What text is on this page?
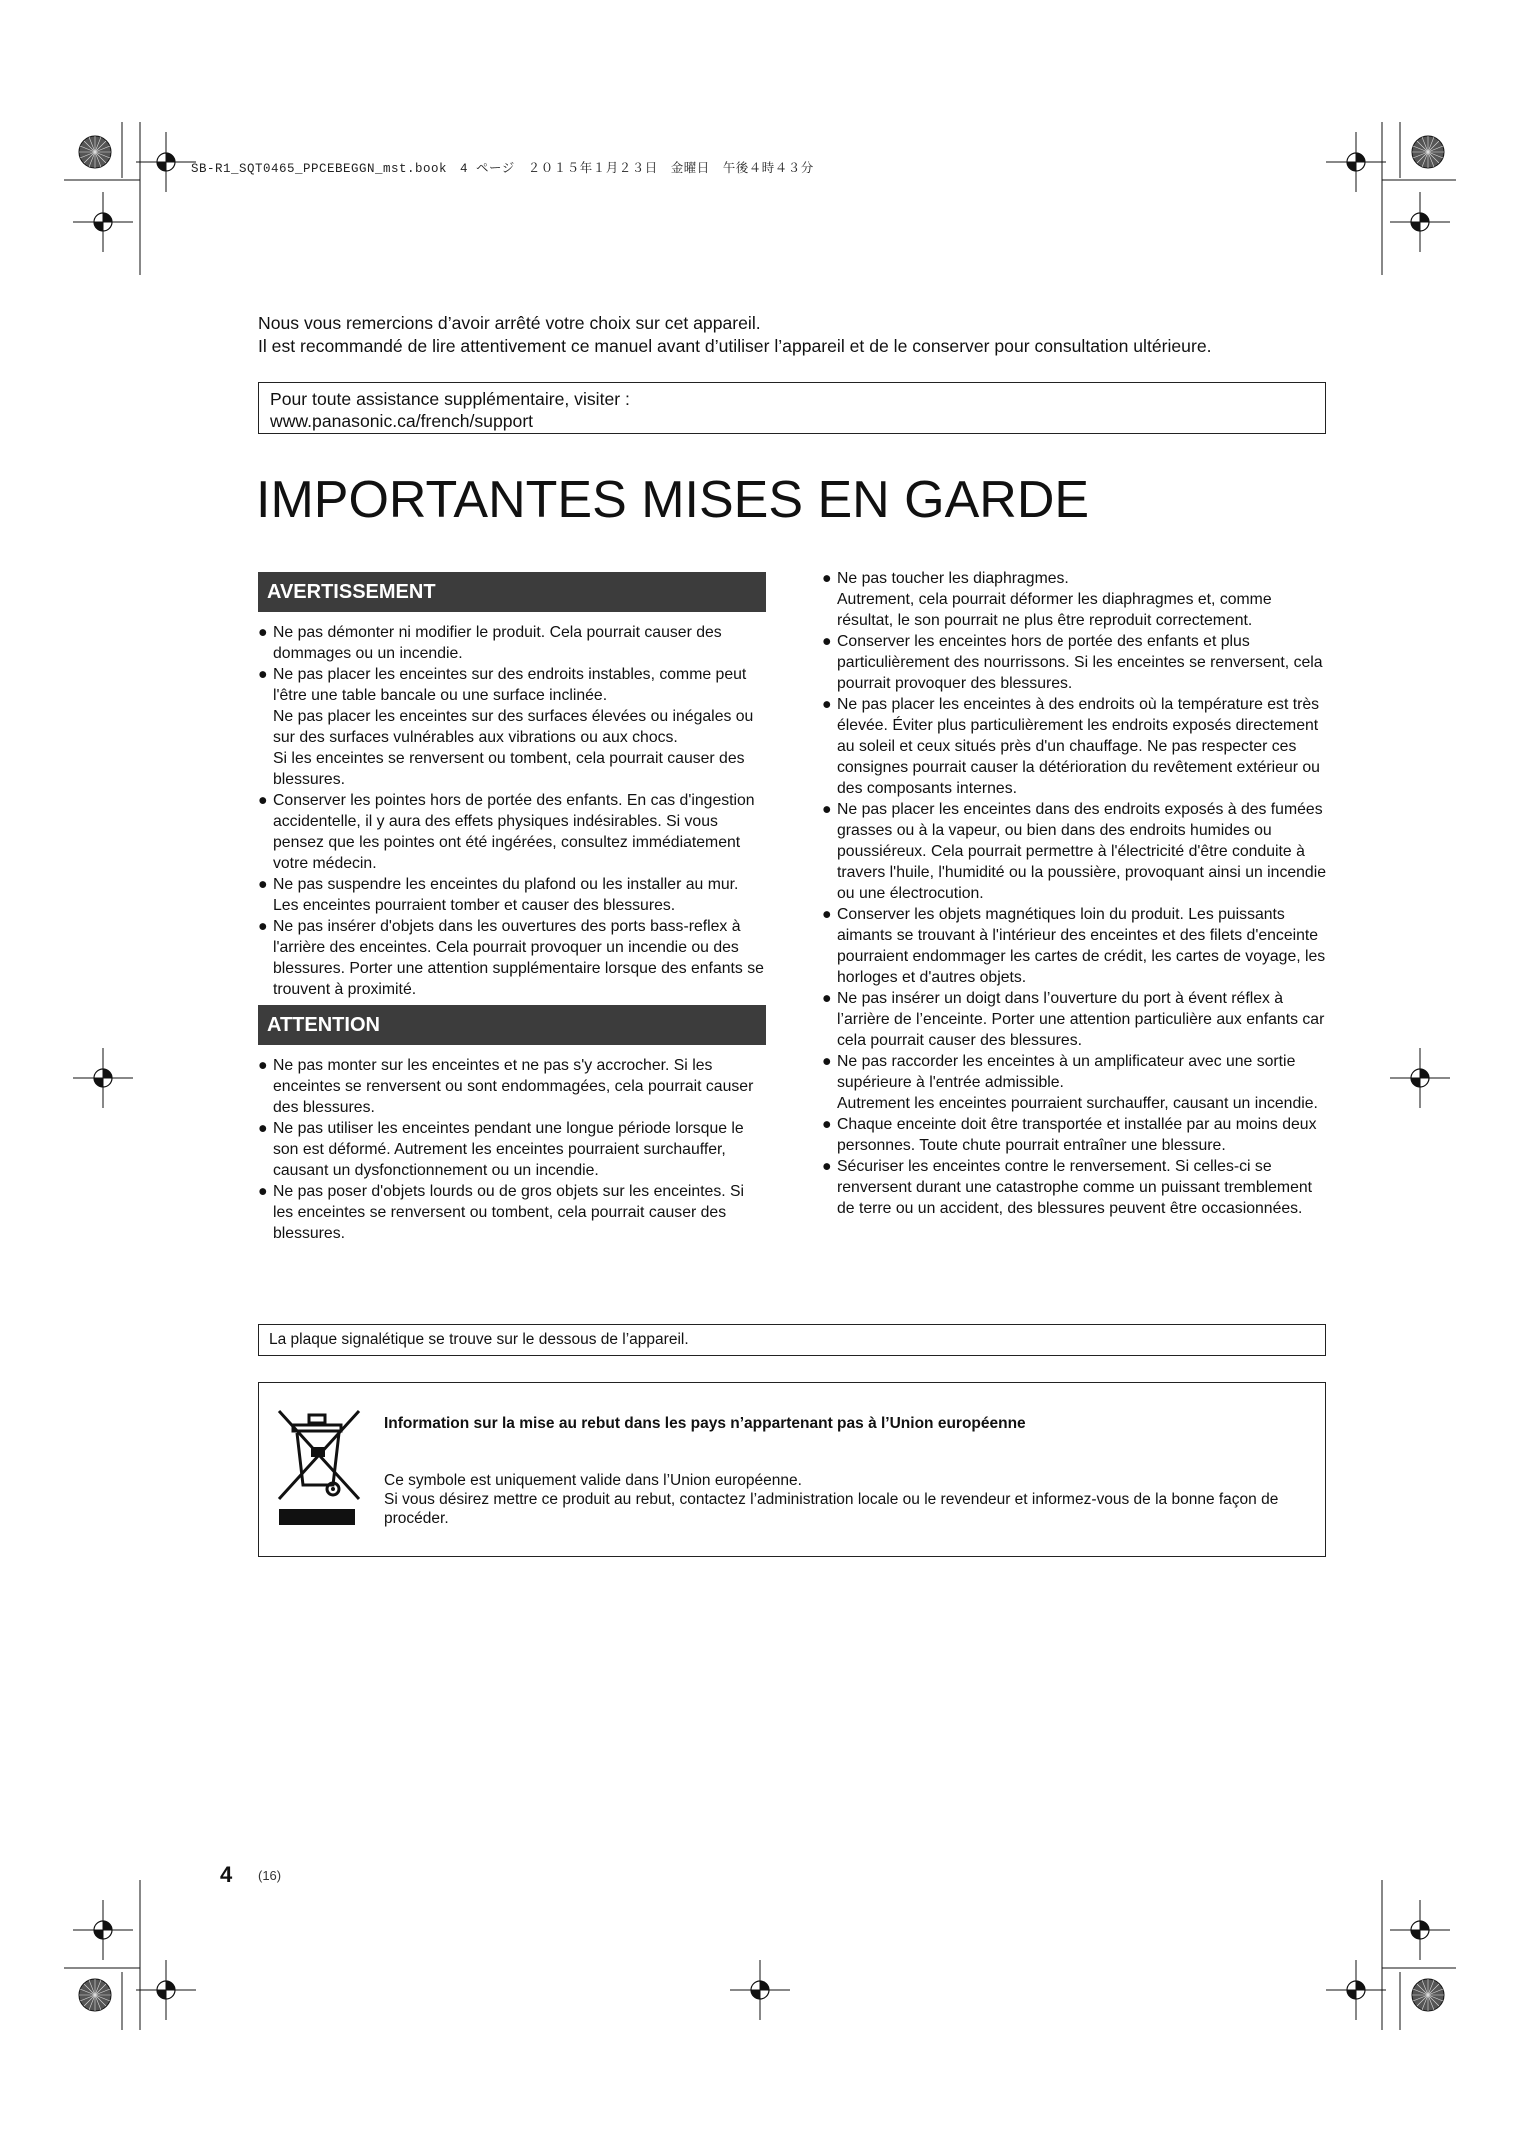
SB-R1_SQT0465_PPCEBEGGN_mst.book　4 ページ　２０１５年１月２３日　金曜日　午後４時４３分
Nous vous remercions d’avoir arrêté votre choix sur cet appareil.
Il est recommandé de lire attentivement ce manuel avant d’utiliser l’appareil et de le conserver pour consultation ultérieure.
Pour toute assistance supplémentaire, visiter :
www.panasonic.ca/french/support
IMPORTANTES MISES EN GARDE
AVERTISSEMENT
● Ne pas démonter ni modifier le produit. Cela pourrait causer des dommages ou un incendie.
● Ne pas placer les enceintes sur des endroits instables, comme peut l'être une table bancale ou une surface inclinée.
Ne pas placer les enceintes sur des surfaces élevées ou inégales ou sur des surfaces vulnérables aux vibrations ou aux chocs.
Si les enceintes se renversent ou tombent, cela pourrait causer des blessures.
● Conserver les pointes hors de portée des enfants. En cas d'ingestion accidentelle, il y aura des effets physiques indésirables. Si vous pensez que les pointes ont été ingérées, consultez immédiatement votre médecin.
● Ne pas suspendre les enceintes du plafond ou les installer au mur. Les enceintes pourraient tomber et causer des blessures.
● Ne pas insérer d'objets dans les ouvertures des ports bass-reflex à l'arrière des enceintes. Cela pourrait provoquer un incendie ou des blessures. Porter une attention supplémentaire lorsque des enfants se trouvent à proximité.
ATTENTION
● Ne pas monter sur les enceintes et ne pas s'y accrocher. Si les enceintes se renversent ou sont endommagées, cela pourrait causer des blessures.
● Ne pas utiliser les enceintes pendant une longue période lorsque le son est déformé. Autrement les enceintes pourraient surchauffer, causant un dysfonctionnement ou un incendie.
● Ne pas poser d'objets lourds ou de gros objets sur les enceintes. Si les enceintes se renversent ou tombent, cela pourrait causer des blessures.
● Ne pas toucher les diaphragmes.
Autrement, cela pourrait déformer les diaphragmes et, comme résultat, le son pourrait ne plus être reproduit correctement.
● Conserver les enceintes hors de portée des enfants et plus particulièrement des nourrissons. Si les enceintes se renversent, cela pourrait provoquer des blessures.
● Ne pas placer les enceintes à des endroits où la température est très élevée. Éviter plus particulièrement les endroits exposés directement au soleil et ceux situés près d'un chauffage. Ne pas respecter ces consignes pourrait causer la détérioration du revêtement extérieur ou des composants internes.
● Ne pas placer les enceintes dans des endroits exposés à des fumées grasses ou à la vapeur, ou bien dans des endroits humides ou poussiéreux. Cela pourrait permettre à l'électricité d'être conduite à travers l'huile, l'humidité ou la poussière, provoquant ainsi un incendie ou une électrocution.
● Conserver les objets magnétiques loin du produit. Les puissants aimants se trouvant à l'intérieur des enceintes et des filets d'enceinte pourraient endommager les cartes de crédit, les cartes de voyage, les horloges et d'autres objets.
● Ne pas insérer un doigt dans l’ouverture du port à évent réflex à l’arrière de l’enceinte. Porter une attention particulière aux enfants car cela pourrait causer des blessures.
● Ne pas raccorder les enceintes à un amplificateur avec une sortie supérieure à l'entrée admissible.
Autrement les enceintes pourraient surchauffer, causant un incendie.
● Chaque enceinte doit être transportée et installée par au moins deux personnes. Toute chute pourrait entraîner une blessure.
● Sécuriser les enceintes contre le renversement. Si celles-ci se renversent durant une catastrophe comme un puissant tremblement de terre ou un accident, des blessures peuvent être occasionnées.
La plaque signalétique se trouve sur le dessous de l’appareil.
Information sur la mise au rebut dans les pays n’appartenant pas à l’Union européenne
Ce symbole est uniquement valide dans l’Union européenne.
Si vous désirez mettre ce produit au rebut, contactez l’administration locale ou le revendeur et informez-vous de la bonne façon de procéder.
4 (16)
